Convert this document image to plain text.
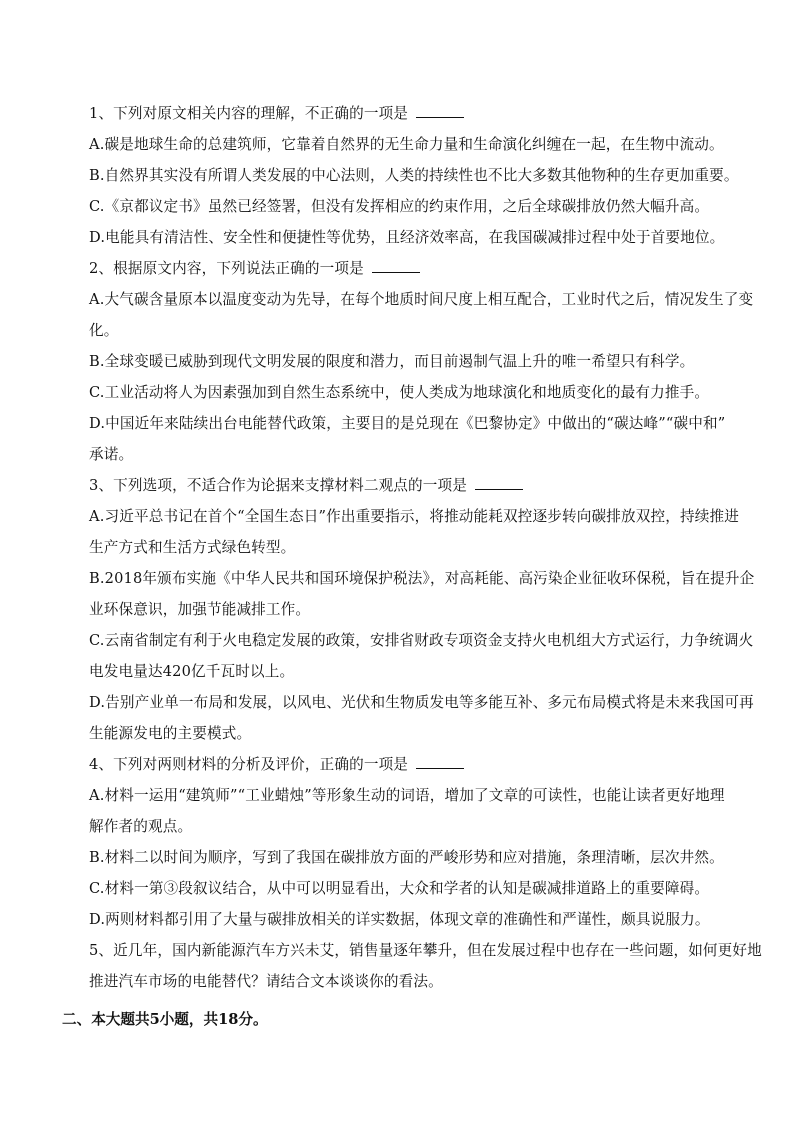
1、下列对原文相关内容的理解，不正确的一项是
A.碳是地球生命的总建筑师，它靠着自然界的无生命力量和生命演化纠缠在一起，在生物中流动。
B.自然界其实没有所谓人类发展的中心法则，人类的持续性也不比大多数其他物种的生存更加重要。
C.《京都议定书》虽然已经签署，但没有发挥相应的约束作用，之后全球碳排放仍然大幅升高。
D.电能具有清洁性、安全性和便捷性等优势，且经济效率高，在我国碳减排过程中处于首要地位。
2、根据原文内容，下列说法正确的一项是
A.大气碳含量原本以温度变动为先导，在每个地质时间尺度上相互配合，工业时代之后，情况发生了变
化。
B.全球变暖已威胁到现代文明发展的限度和潜力，而目前遏制气温上升的唯一希望只有科学。
C.工业活动将人为因素强加到自然生态系统中，使人类成为地球演化和地质变化的最有力推手。
D.中国近年来陆续出台电能替代政策，主要目的是兑现在《巴黎协定》中做出的“碳达峰”“碳中和”
承诺。
3、下列选项，不适合作为论据来支撑材料二观点的一项是
A.习近平总书记在首个“全国生态日”作出重要指示，将推动能耗双控逐步转向碳排放双控，持续推进
生产方式和生活方式绿色转型。
B.2018年颁布实施《中华人民共和国环境保护税法》，对高耗能、高污染企业征收环保税，旨在提升企
业环保意识，加强节能减排工作。
C.云南省制定有利于火电稳定发展的政策，安排省财政专项资金支持火电机组大方式运行，力争统调火
电发电量达420亿千瓦时以上。
D.告别产业单一布局和发展，以风电、光伏和生物质发电等多能互补、多元布局模式将是未来我国可再
生能源发电的主要模式。
4、下列对两则材料的分析及评价，正确的一项是
A.材料一运用“建筑师”“工业蜡烛”等形象生动的词语，增加了文章的可读性，也能让读者更好地理
解作者的观点。
B.材料二以时间为顺序，写到了我国在碳排放方面的严峻形势和应对措施，条理清晰，层次井然。
C.材料一第③段叙议结合，从中可以明显看出，大众和学者的认知是碳减排道路上的重要障碍。
D.两则材料都引用了大量与碳排放相关的详实数据，体现文章的准确性和严谨性，颇具说服力。
5、近几年，国内新能源汽车方兴未艾，销售量逐年攀升，但在发展过程中也存在一些问题，如何更好地
推进汽车市场的电能替代？请结合文本谈谈你的看法。
二、本大题共5小题，共18分。
